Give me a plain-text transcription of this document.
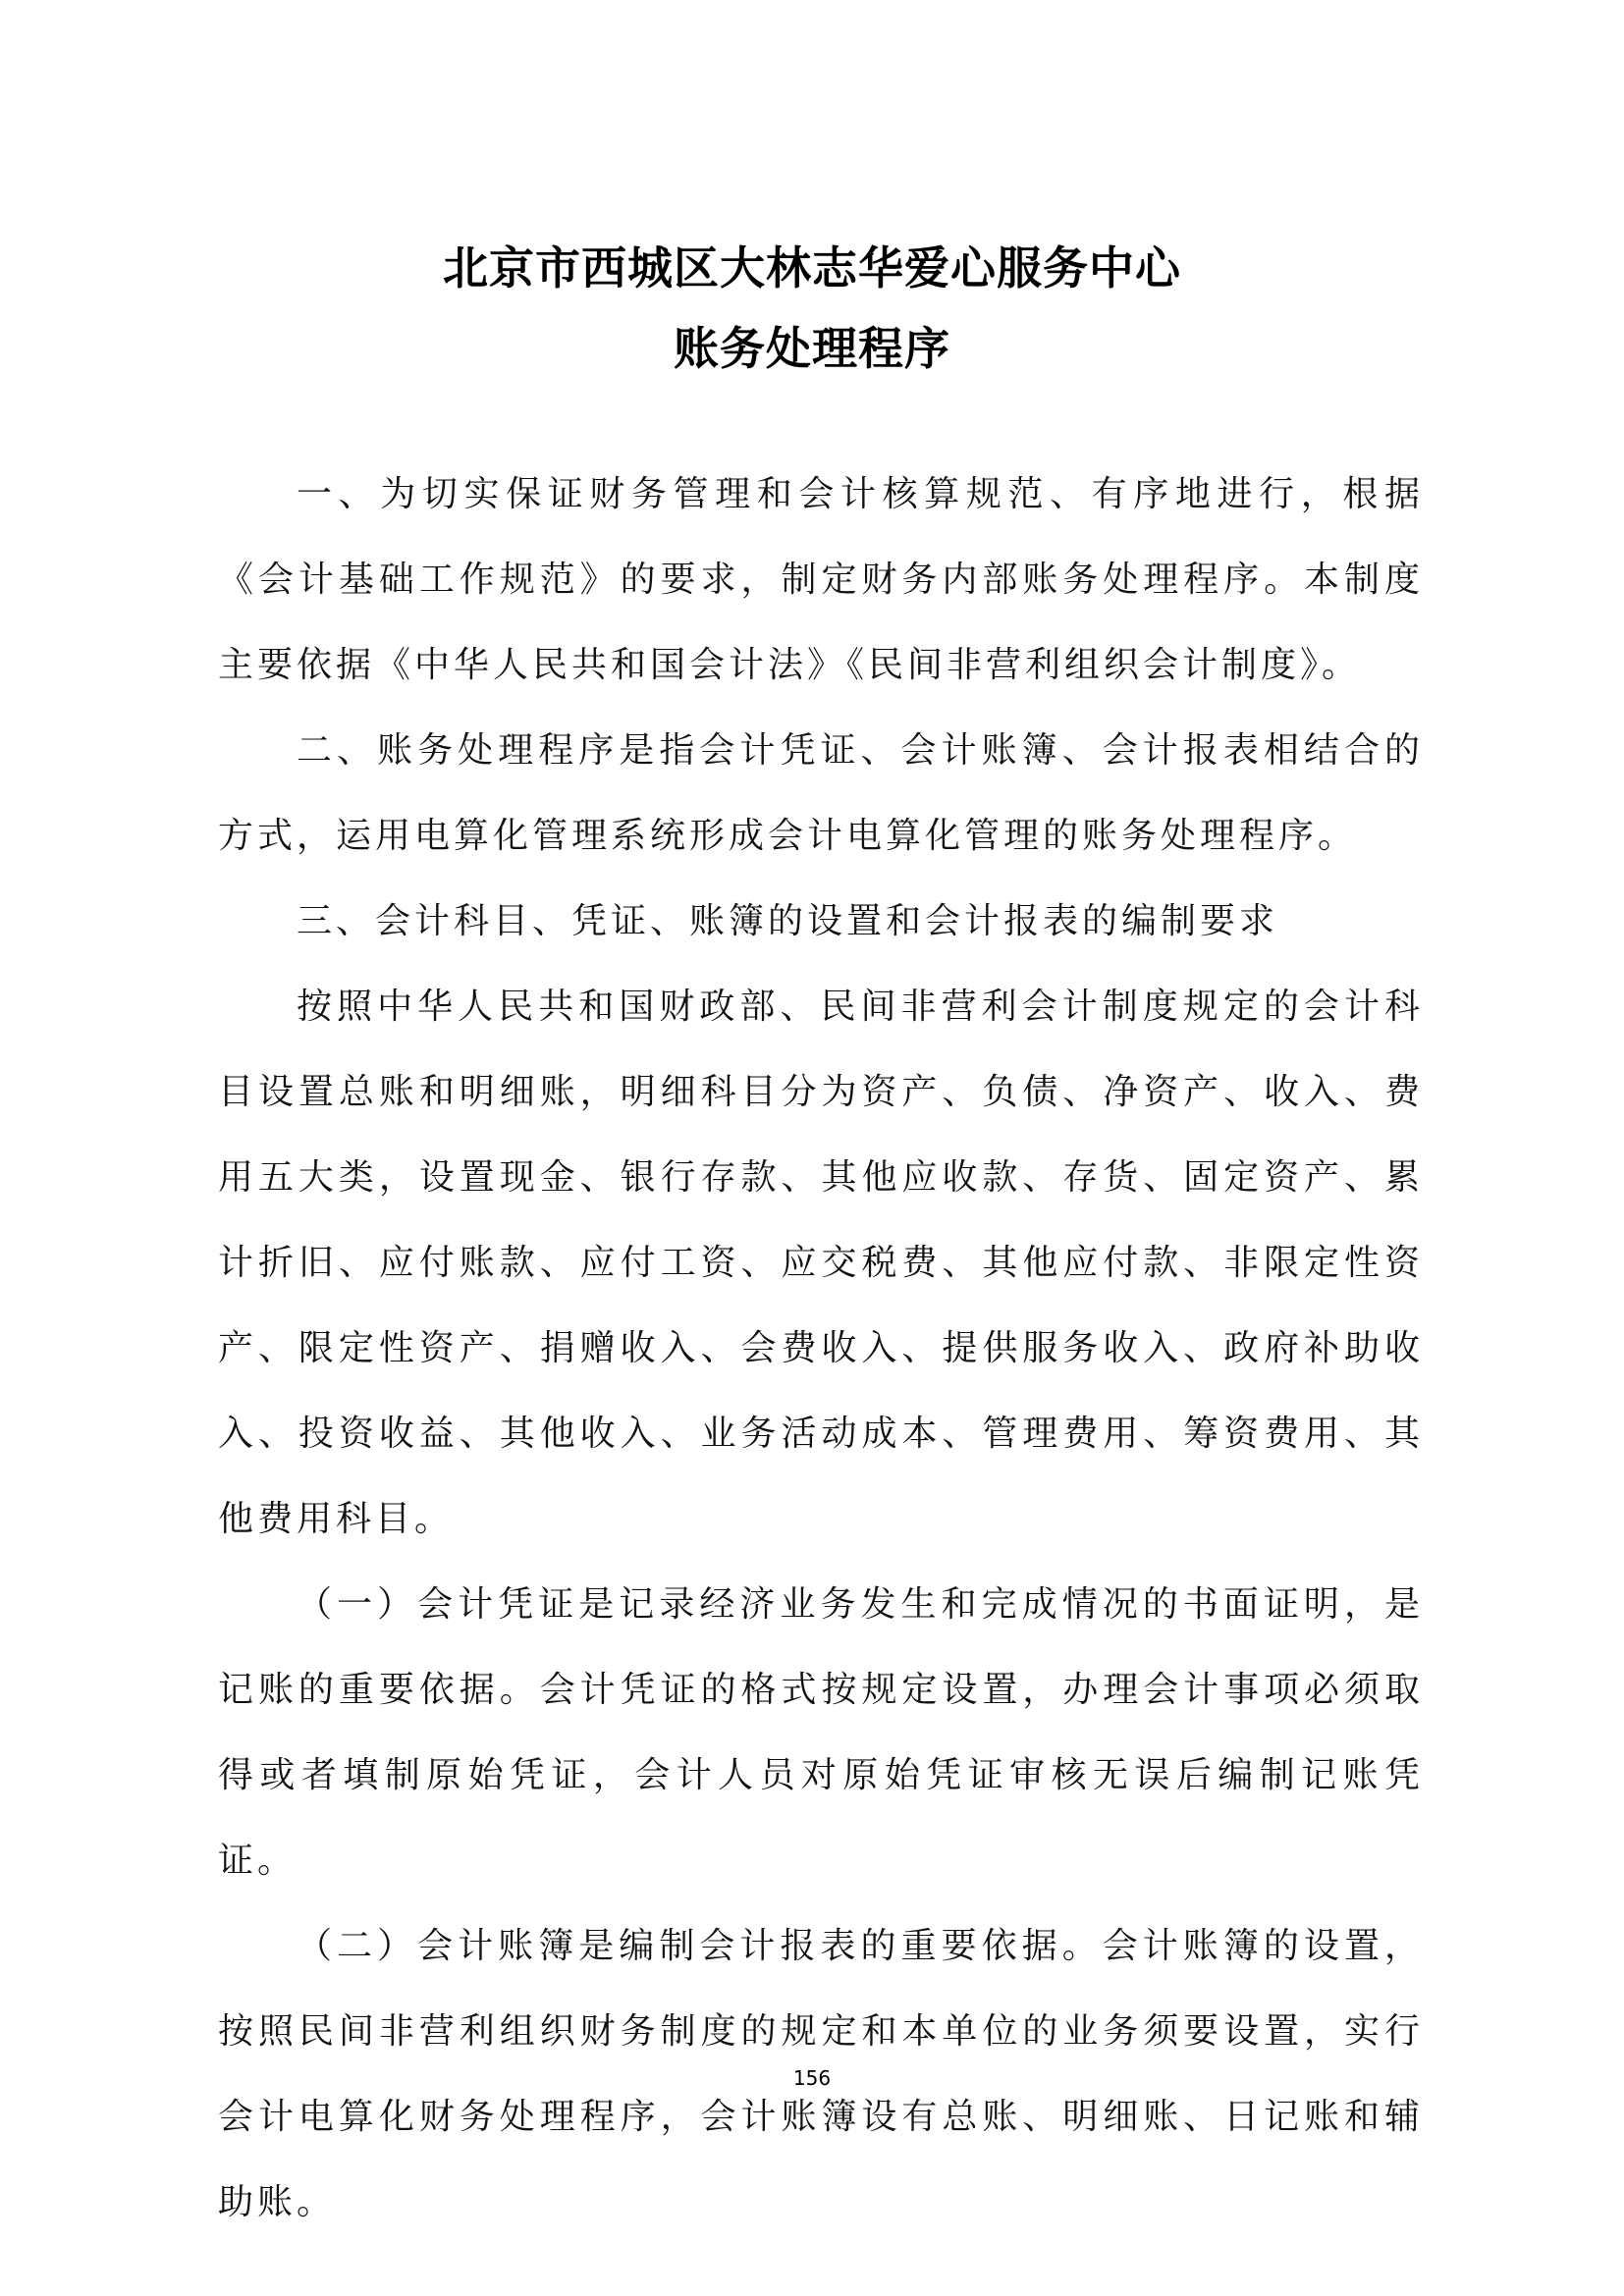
北京市西城区大林志华爱心服务中心
账务处理程序

一、为切实保证财务管理和会计核算规范、有序地进行，根据《会计基础工作规范》的要求，制定财务内部账务处理程序。本制度主要依据《中华人民共和国会计法》《民间非营利组织会计制度》。

二、账务处理程序是指会计凭证、会计账簿、会计报表相结合的方式，运用电算化管理系统形成会计电算化管理的账务处理程序。

三、会计科目、凭证、账簿的设置和会计报表的编制要求

按照中华人民共和国财政部、民间非营利会计制度规定的会计科目设置总账和明细账，明细科目分为资产、负债、净资产、收入、费用五大类，设置现金、银行存款、其他应收款、存货、固定资产、累计折旧、应付账款、应付工资、应交税费、其他应付款、非限定性资产、限定性资产、捐赠收入、会费收入、提供服务收入、政府补助收入、投资收益、其他收入、业务活动成本、管理费用、筹资费用、其他费用科目。

（一）会计凭证是记录经济业务发生和完成情况的书面证明，是记账的重要依据。会计凭证的格式按规定设置，办理会计事项必须取得或者填制原始凭证，会计人员对原始凭证审核无误后编制记账凭证。

（二）会计账簿是编制会计报表的重要依据。会计账簿的设置，按照民间非营利组织财务制度的规定和本单位的业务须要设置，实行会计电算化财务处理程序，会计账簿设有总账、明细账、日记账和辅助账。

156
